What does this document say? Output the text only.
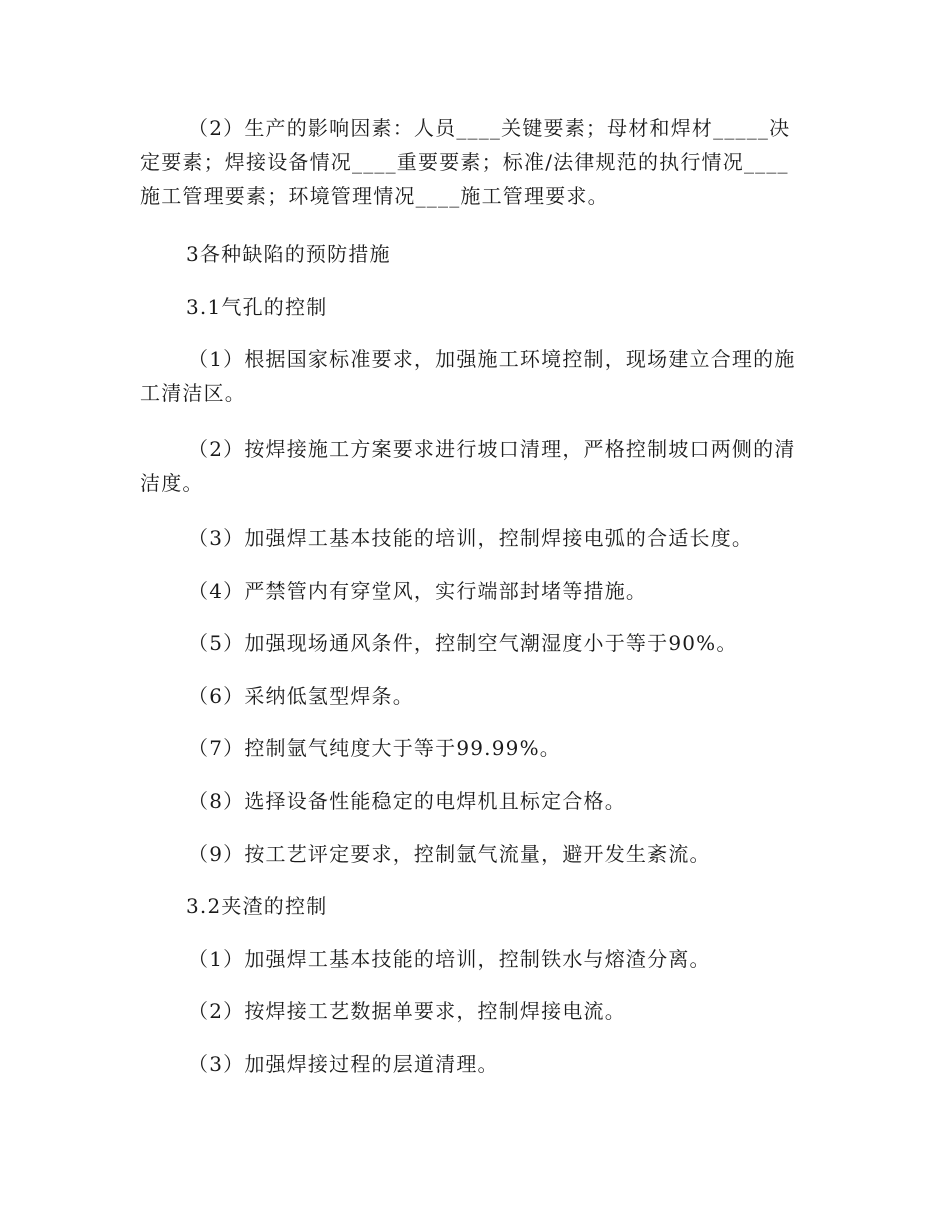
（2）生产的影响因素：人员____关键要素；母材和焊材_____决定要素；焊接设备情况____重要要素；标准/法律规范的执行情况____施工管理要素；环境管理情况____施工管理要求。

3各种缺陷的预防措施

3.1气孔的控制

（1）根据国家标准要求，加强施工环境控制，现场建立合理的施工清洁区。

（2）按焊接施工方案要求进行坡口清理，严格控制坡口两侧的清洁度。

（3）加强焊工基本技能的培训，控制焊接电弧的合适长度。

（4）严禁管内有穿堂风，实行端部封堵等措施。

（5）加强现场通风条件，控制空气潮湿度小于等于90%。

（6）采纳低氢型焊条。

（7）控制氩气纯度大于等于99.99%。

（8）选择设备性能稳定的电焊机且标定合格。

（9）按工艺评定要求，控制氩气流量，避开发生紊流。

3.2夹渣的控制

（1）加强焊工基本技能的培训，控制铁水与熔渣分离。

（2）按焊接工艺数据单要求，控制焊接电流。

（3）加强焊接过程的层道清理。
